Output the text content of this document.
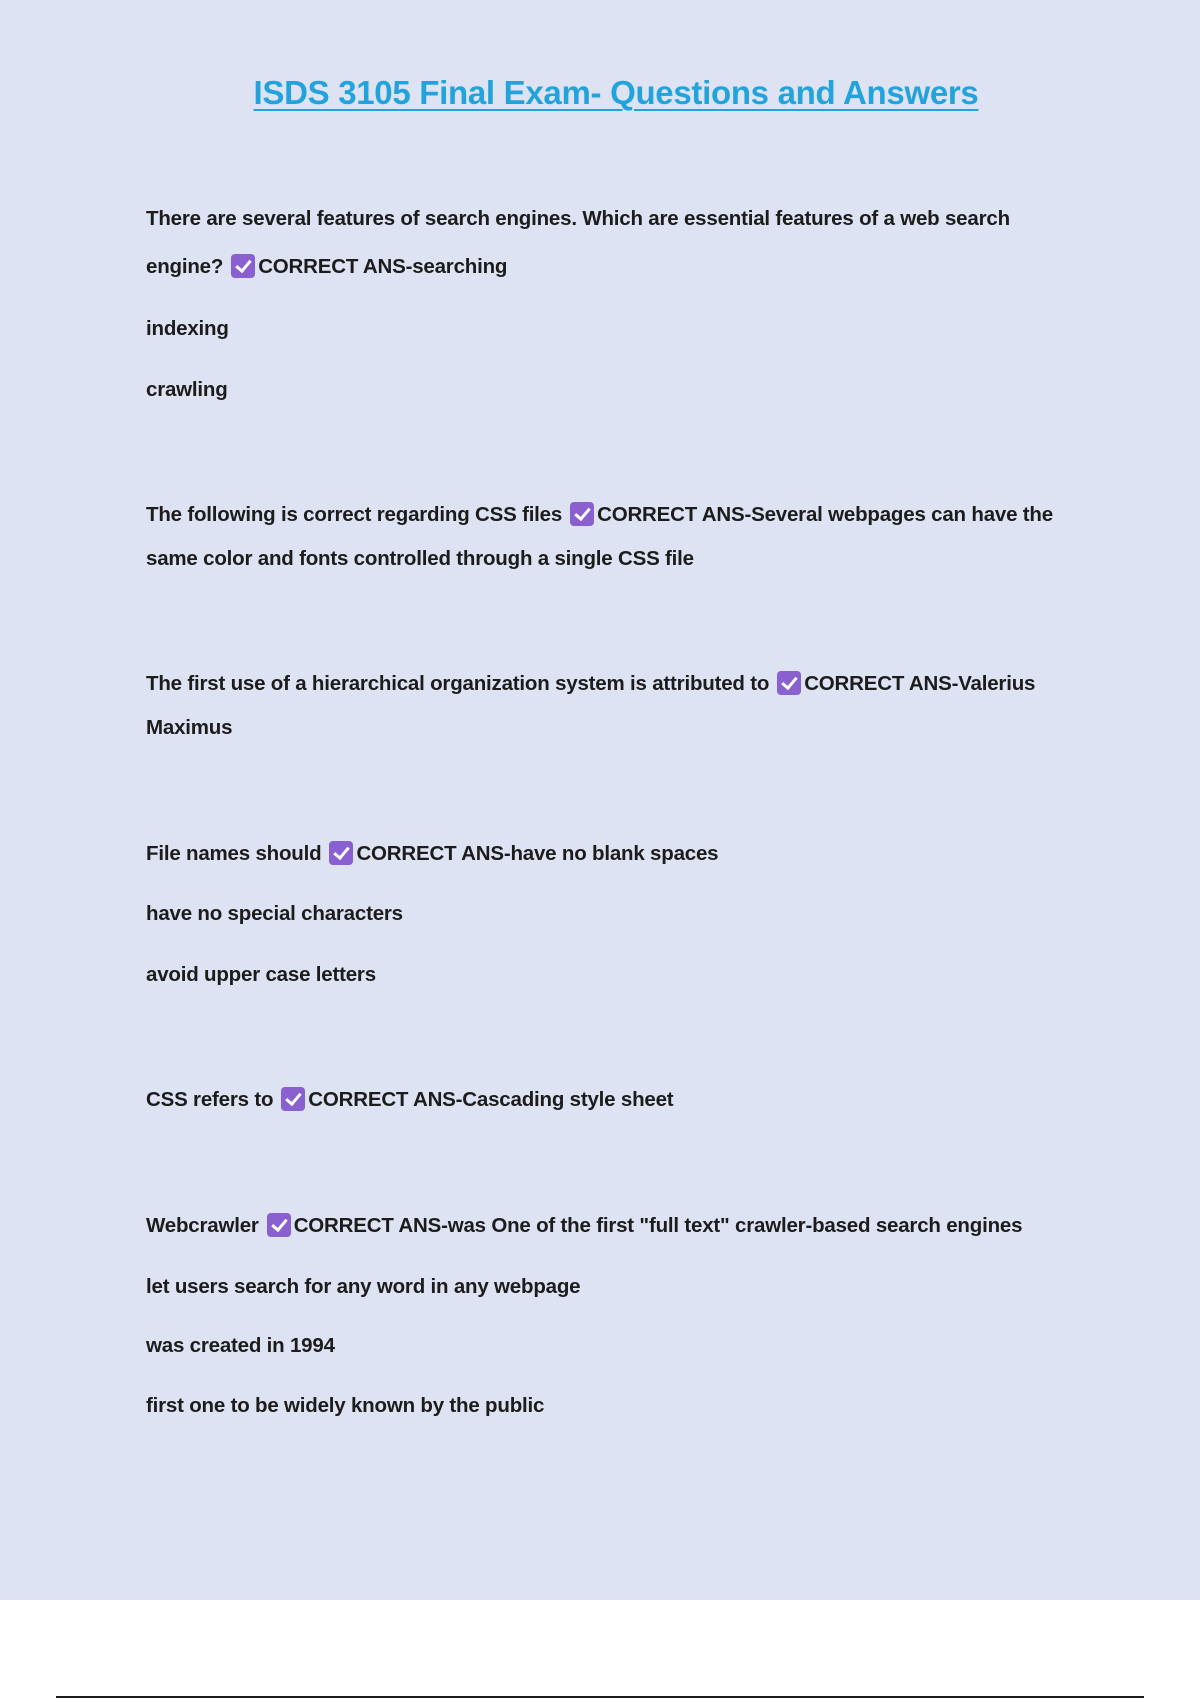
ISDS 3105 Final Exam- Questions and Answers
There are several features of search engines. Which are essential features of a web search
engine? CORRECT ANS-searching
indexing
crawling
The following is correct regarding CSS files CORRECT ANS-Several webpages can have the
same color and fonts controlled through a single CSS file
The first use of a hierarchical organization system is attributed to CORRECT ANS-Valerius
Maximus
File names should CORRECT ANS-have no blank spaces
have no special characters
avoid upper case letters
CSS refers to CORRECT ANS-Cascading style sheet
Webcrawler CORRECT ANS-was One of the first "full text" crawler-based search engines
let users search for any word in any webpage
was created in 1994
first one to be widely known by the public
